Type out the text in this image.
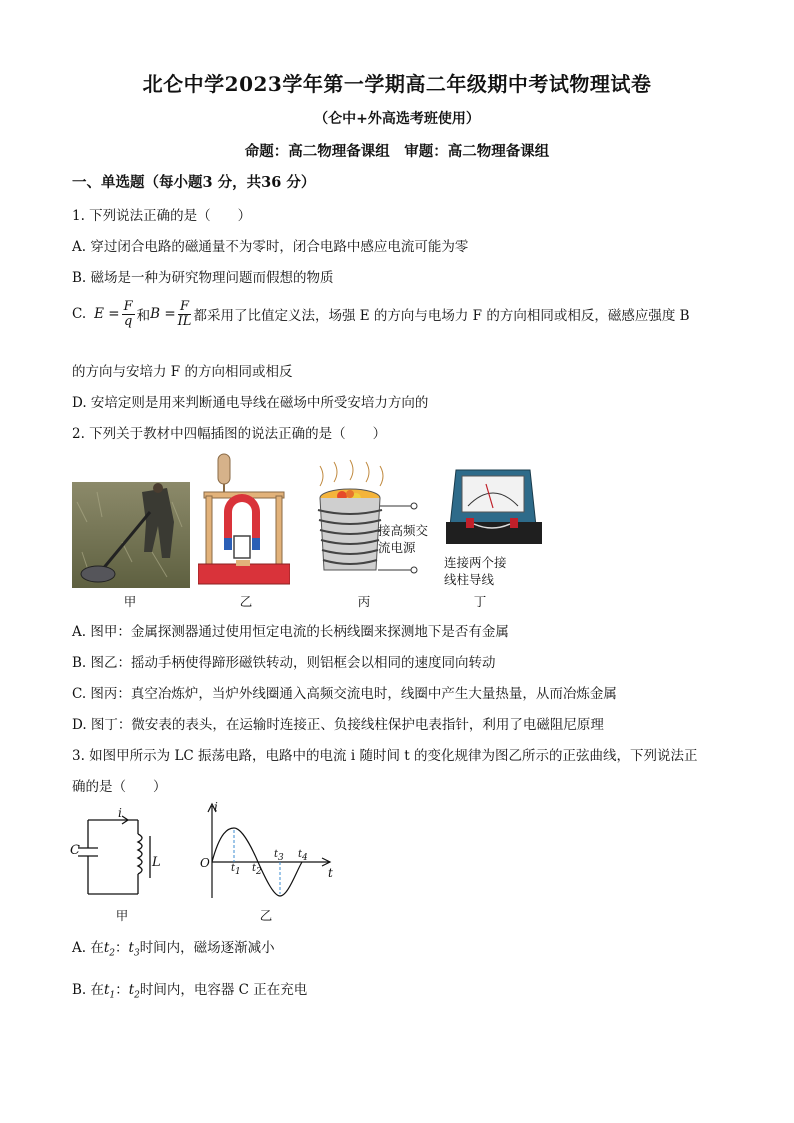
北仑中学2023学年第一学期高二年级期中考试物理试卷
（仑中+外高选考班使用）
命题：高二物理备课组　审题：高二物理备课组
一、单选题（每小题3 分，共36 分）
1. 下列说法正确的是（　　）
A. 穿过闭合电路的磁通量不为零时，闭合电路中感应电流可能为零
B. 磁场是一种为研究物理问题而假想的物质
C. $E = \frac{F}{q}$ 和 $B = \frac{F}{IL}$ 都采用了比值定义法，场强 E 的方向与电场力 F 的方向相同或相反，磁感应强度 B
的方向与安培力 F 的方向相同或相反
D. 安培定则是用来判断通电导线在磁场中所受安培力方向的
2. 下列关于教材中四幅插图的说法正确的是（　　）
甲	乙
接高频交
流电源
丙
连接两个接
线柱导线
丁
A. 图甲：金属探测器通过使用恒定电流的长柄线圈来探测地下是否有金属
B. 图乙：摇动手柄使得蹄形磁铁转动，则铝框会以相同的速度同向转动
C. 图丙：真空冶炼炉，当炉外线圈通入高频交流电时，线圈中产生大量热量，从而冶炼金属
D. 图丁：微安表的表头，在运输时连接正、负接线柱保护电表指针，利用了电磁阻尼原理
3. 如图甲所示为 LC 振荡电路，电路中的电流 i 随时间 t 的变化规律为图乙所示的正弦曲线，下列说法正
确的是（　　）
i
C
L
甲
i
t
O $t_1$ $t_2$
$t_3$ $t_4$
乙
A. 在$t_2$：$t_3$时间内，磁场逐渐减小
B. 在$t_1$：$t_2$时间内，电容器 C 正在充电
